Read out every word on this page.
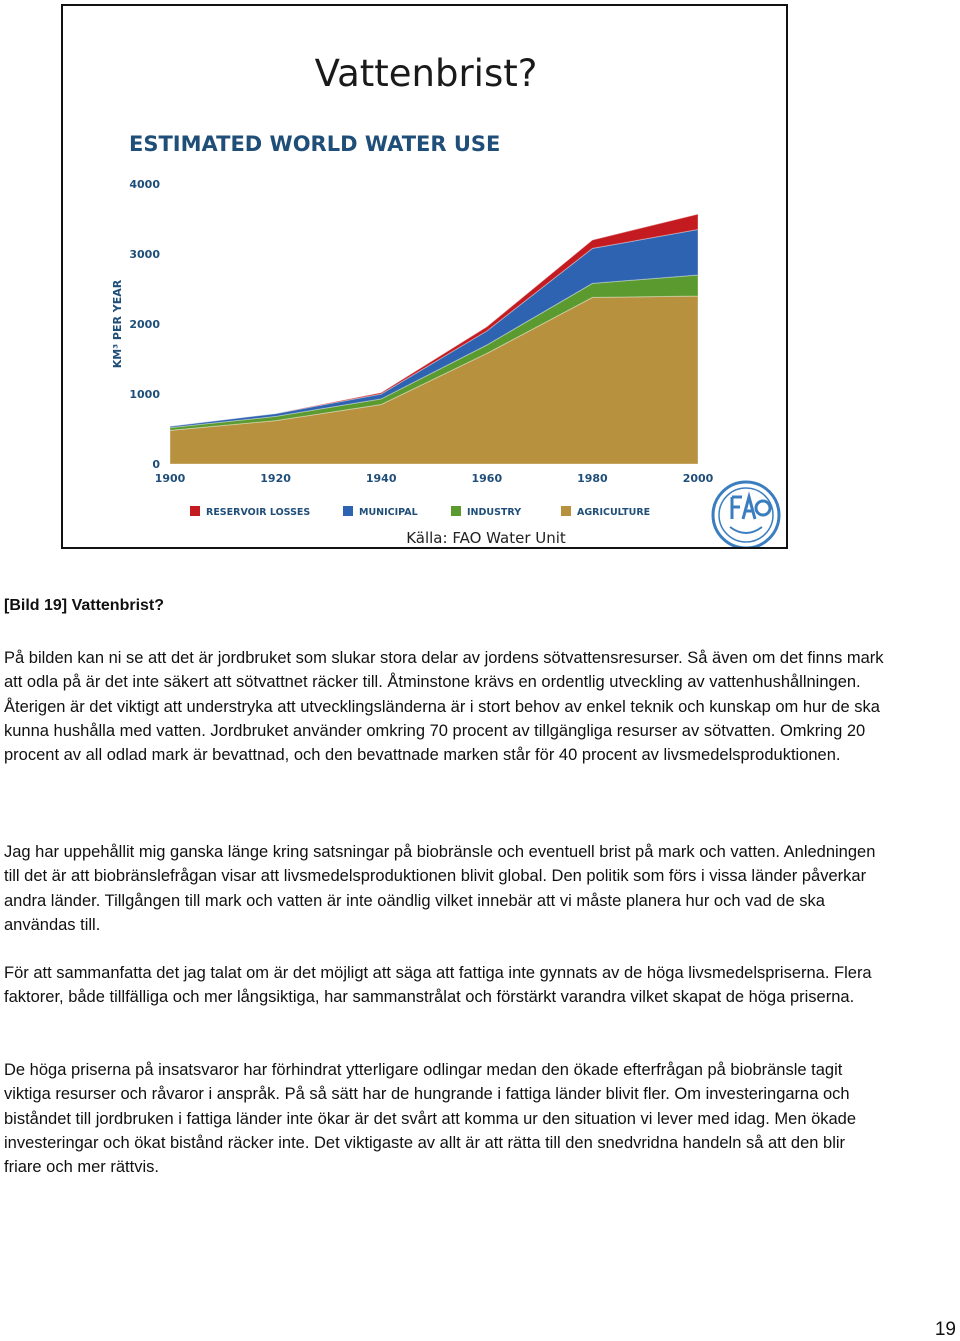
Vattenbrist?
ESTIMATED WORLD WATER USE
KM³ PER YEAR
0
1000
2000
3000
4000
1900	1920	1940	1960	1980	2000
RESERVOIR LOSSES	MUNICIPAL	INDUSTRY	AGRICULTURE
Källa: FAO Water Unit
[Bild 19] Vattenbrist?

På bilden kan ni se att det är jordbruket som slukar stora delar av jordens sötvattensresurser. Så även om det finns mark att odla på är det inte säkert att sötvattnet räcker till. Åtminstone krävs en ordentlig utveckling av vattenhushållningen. Återigen är det viktigt att understryka att utvecklingsländerna är i stort behov av enkel teknik och kunskap om hur de ska kunna hushålla med vatten. Jordbruket använder omkring 70 procent av tillgängliga resurser av sötvatten. Omkring 20 procent av all odlad mark är bevattnad, och den bevattnade marken står för 40 procent av livsmedelsproduktionen.

Jag har uppehållit mig ganska länge kring satsningar på biobränsle och eventuell brist på mark och vatten. Anledningen till det är att biobränslefrågan visar att livsmedelsproduktionen blivit global. Den politik som förs i vissa länder påverkar andra länder. Tillgången till mark och vatten är inte oändlig vilket innebär att vi måste planera hur och vad de ska användas till.

För att sammanfatta det jag talat om är det möjligt att säga att fattiga inte gynnats av de höga livsmedelspriserna. Flera faktorer, både tillfälliga och mer långsiktiga, har sammanstrålat och förstärkt varandra vilket skapat de höga priserna.

De höga priserna på insatsvaror har förhindrat ytterligare odlingar medan den ökade efterfrågan på biobränsle tagit viktiga resurser och råvaror i anspråk. På så sätt har de hungrande i fattiga länder blivit fler. Om investeringarna och biståndet till jordbruken i fattiga länder inte ökar är det svårt att komma ur den situation vi lever med idag. Men ökade investeringar och ökat bistånd räcker inte. Det viktigaste av allt är att rätta till den snedvridna handeln så att den blir friare och mer rättvis.

19
